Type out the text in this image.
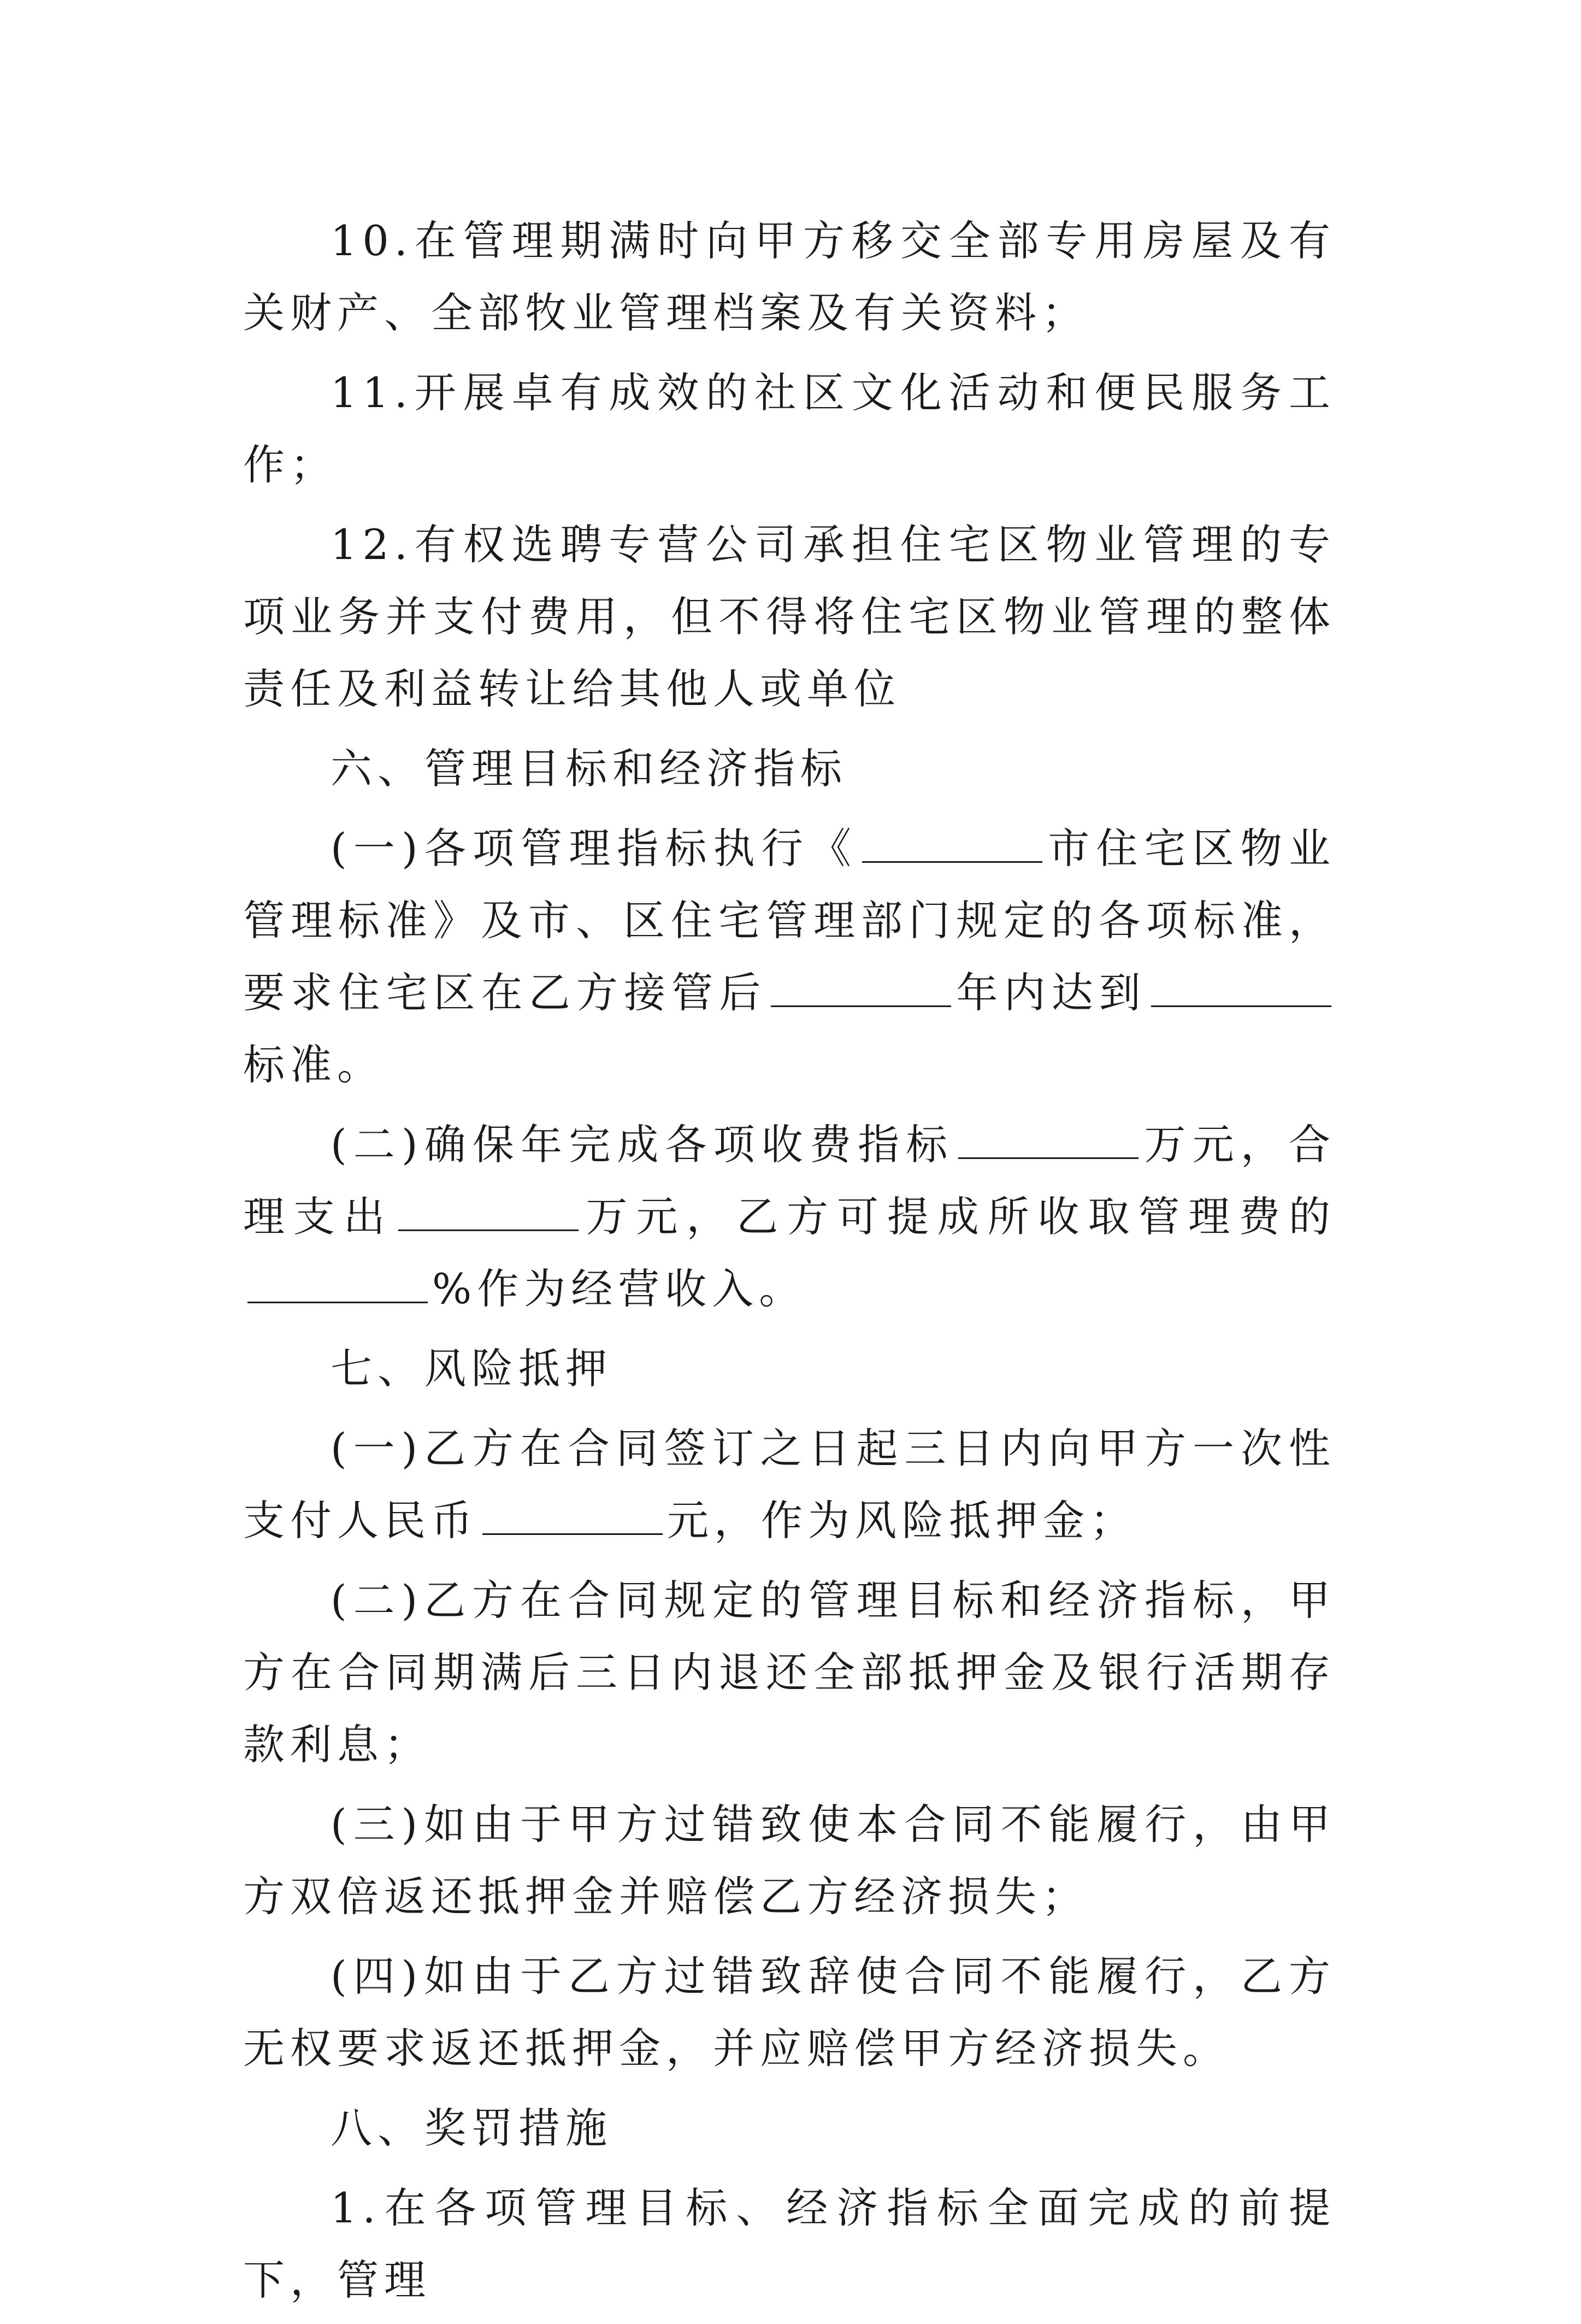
10.在管理期满时向甲方移交全部专用房屋及有关财产、全部牧业管理档案及有关资料；

11.开展卓有成效的社区文化活动和便民服务工作；

12.有权选聘专营公司承担住宅区物业管理的专项业务并支付费用，但不得将住宅区物业管理的整体责任及利益转让给其他人或单位

六、管理目标和经济指标

(一)各项管理指标执行《	市住宅区物业管理标准》及市、区住宅管理部门规定的各项标准，要求住宅区在乙方接管后	年内达到标准。

(二)确保年完成各项收费指标	万元，合理支出	万元，乙方可提成所收取管理费的%作为经营收入。

七、风险抵押

(一)乙方在合同签订之日起三日内向甲方一次性支付人民币	元，作为风险抵押金；

(二)乙方在合同规定的管理目标和经济指标，甲方在合同期满后三日内退还全部抵押金及银行活期存款利息；

(三)如由于甲方过错致使本合同不能履行，由甲方双倍返还抵押金并赔偿乙方经济损失；

(四)如由于乙方过错致辞使合同不能履行，乙方无权要求返还抵押金，并应赔偿甲方经济损失。

八、奖罚措施

1.在各项管理目标、经济指标全面完成的前提下，管理
